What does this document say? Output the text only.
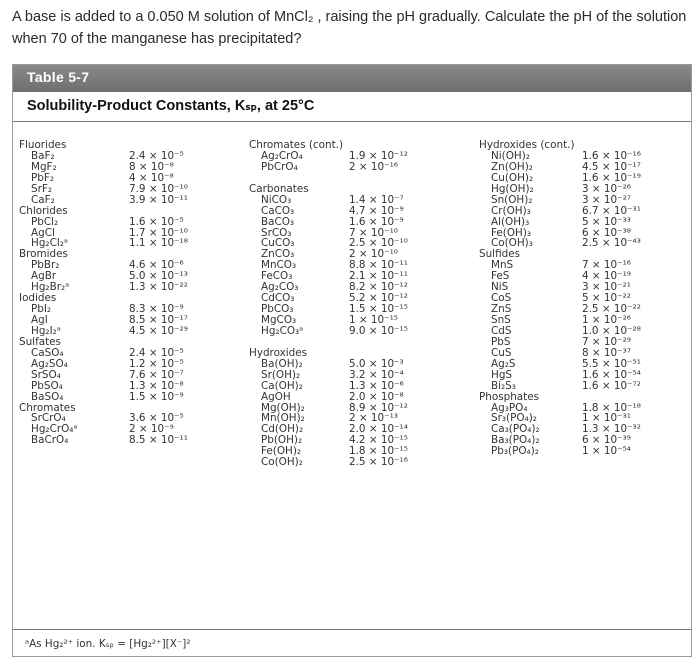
A base is added to a 0.050 M solution of MnCl₂ , raising the pH gradually. Calculate the pH of the solution when 70 of the manganese has precipitated?
Table 5-7
Solubility-Product Constants, Kₛₚ, at 25°C
Fluorides
BaF₂	2.4 × 10⁻⁵
MgF₂	8 × 10⁻⁸
PbF₂	4 × 10⁻⁸
SrF₂	7.9 × 10⁻¹⁰
CaF₂	3.9 × 10⁻¹¹
Chlorides
PbCl₂	1.6 × 10⁻⁵
AgCl	1.7 × 10⁻¹⁰
Hg₂Cl₂ᵃ	1.1 × 10⁻¹⁸
Bromides
PbBr₂	4.6 × 10⁻⁶
AgBr	5.0 × 10⁻¹³
Hg₂Br₂ᵃ	1.3 × 10⁻²²
Iodides
PbI₂	8.3 × 10⁻⁹
AgI	8.5 × 10⁻¹⁷
Hg₂I₂ᵃ	4.5 × 10⁻²⁹
Sulfates
CaSO₄	2.4 × 10⁻⁵
Ag₂SO₄	1.2 × 10⁻⁵
SrSO₄	7.6 × 10⁻⁷
PbSO₄	1.3 × 10⁻⁸
BaSO₄	1.5 × 10⁻⁹
Chromates
SrCrO₄	3.6 × 10⁻⁵
Hg₂CrO₄ᵃ	2 × 10⁻⁹
BaCrO₄	8.5 × 10⁻¹¹
Chromates (cont.)
Ag₂CrO₄	1.9 × 10⁻¹²
PbCrO₄	2 × 10⁻¹⁶
Carbonates
NiCO₃	1.4 × 10⁻⁷
CaCO₃	4.7 × 10⁻⁹
BaCO₃	1.6 × 10⁻⁹
SrCO₃	7 × 10⁻¹⁰
CuCO₃	2.5 × 10⁻¹⁰
ZnCO₃	2 × 10⁻¹⁰
MnCO₃	8.8 × 10⁻¹¹
FeCO₃	2.1 × 10⁻¹¹
Ag₂CO₃	8.2 × 10⁻¹²
CdCO₃	5.2 × 10⁻¹²
PbCO₃	1.5 × 10⁻¹⁵
MgCO₃	1 × 10⁻¹⁵
Hg₂CO₃ᵃ	9.0 × 10⁻¹⁵
Hydroxides
Ba(OH)₂	5.0 × 10⁻³
Sr(OH)₂	3.2 × 10⁻⁴
Ca(OH)₂	1.3 × 10⁻⁶
AgOH	2.0 × 10⁻⁸
Mg(OH)₂	8.9 × 10⁻¹²
Mn(OH)₂	2 × 10⁻¹³
Cd(OH)₂	2.0 × 10⁻¹⁴
Pb(OH)₂	4.2 × 10⁻¹⁵
Fe(OH)₂	1.8 × 10⁻¹⁵
Co(OH)₂	2.5 × 10⁻¹⁶
Hydroxides (cont.)
Ni(OH)₂	1.6 × 10⁻¹⁶
Zn(OH)₂	4.5 × 10⁻¹⁷
Cu(OH)₂	1.6 × 10⁻¹⁹
Hg(OH)₂	3 × 10⁻²⁶
Sn(OH)₂	3 × 10⁻²⁷
Cr(OH)₃	6.7 × 10⁻³¹
Al(OH)₃	5 × 10⁻³³
Fe(OH)₃	6 × 10⁻³⁸
Co(OH)₃	2.5 × 10⁻⁴³
Sulfides
MnS	7 × 10⁻¹⁶
FeS	4 × 10⁻¹⁹
NiS	3 × 10⁻²¹
CoS	5 × 10⁻²²
ZnS	2.5 × 10⁻²²
SnS	1 × 10⁻²⁶
CdS	1.0 × 10⁻²⁸
PbS	7 × 10⁻²⁹
CuS	8 × 10⁻³⁷
Ag₂S	5.5 × 10⁻⁵¹
HgS	1.6 × 10⁻⁵⁴
Bi₂S₃	1.6 × 10⁻⁷²
Phosphates
Ag₃PO₄	1.8 × 10⁻¹⁸
Sr₃(PO₄)₂	1 × 10⁻³¹
Ca₃(PO₄)₂	1.3 × 10⁻³²
Ba₃(PO₄)₂	6 × 10⁻³⁹
Pb₃(PO₄)₂	1 × 10⁻⁵⁴
ᵃAs Hg₂²⁺ ion. Kₛₚ = [Hg₂²⁺][X⁻]²
